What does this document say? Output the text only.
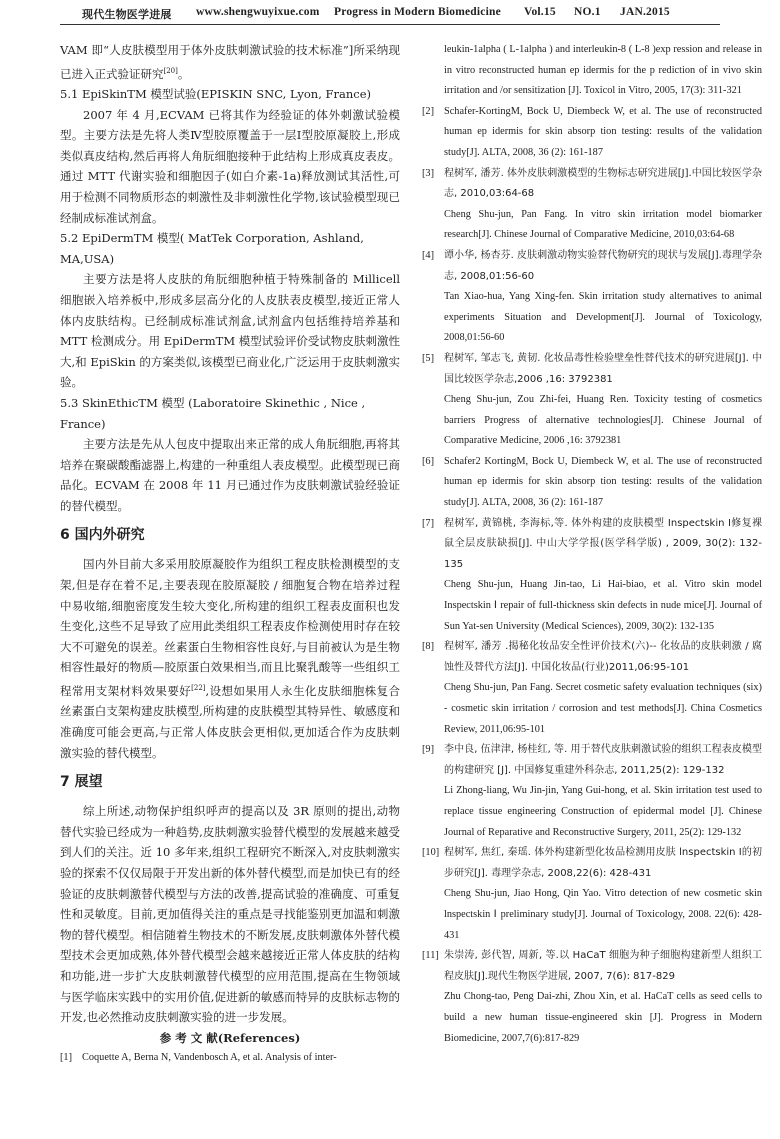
现代生物医学进展 www.shengwuyixue.com Progress in Modern Biomedicine Vol.15 NO.1 JAN.2015

VAM 即“人皮肤模型用于体外皮肤刺激试验的技术标准”]所采纳现已进入正式验证研究[20]。

5.1 EpiSkinTM 模型试验(EPISKIN SNC, Lyon, France)

2007 年 4 月,ECVAM 已将其作为经验证的体外刺激试验模型。主要方法是先将人类Ⅳ型胶原覆盖于一层Ⅰ型胶原凝胶上,形成类似真皮结构,然后再将人角朊细胞接种于此结构上形成真皮表皮。通过 MTT 代谢实验和细胞因子(如白介素-1a)释放测试其活性,可用于检测不同物质形态的刺激性及非刺激性化学物,该试验模型现已经制成标准试剂盒。

5.2 EpiDermTM 模型( MatTek Corporation, Ashland, MA,USA)

主要方法是将人皮肤的角朊细胞种植于特殊制备的 Millicell 细胞嵌入培养板中,形成多层高分化的人皮肤表皮模型,接近正常人体内皮肤结构。已经制成标准试剂盒,试剂盒内包括维持培养基和 MTT 检测成分。用 EpiDermTM 模型试验评价受试物皮肤刺激性大,和 EpiSkin 的方案类似,该模型已商业化,广泛运用于皮肤刺激实验。

5.3 SkinEthicTM 模型 (Laboratoire Skinethic , Nice , France)

主要方法是先从人包皮中提取出来正常的成人角朊细胞,再将其培养在聚碳酸酯滤器上,构建的一种重组人表皮模型。此模型现已商品化。ECVAM 在 2008 年 11 月已通过作为皮肤刺激试验经验证的替代模型。

6 国内外研究

国内外目前大多采用胶原凝胶作为组织工程皮肤检测模型的支架,但是存在着不足,主要表现在胶原凝胶 / 细胞复合物在培养过程中易收缩,细胞密度发生较大变化,所构建的组织工程表皮面积也发生变化,这些不足导致了应用此类组织工程表皮作检测使用时存在较大不可避免的误差。丝素蛋白生物相容性良好,与目前被认为是生物相容性最好的物质—胶原蛋白效果相当,而且比聚乳酸等一些组织工程常用支架材料效果要好[22],设想如果用人永生化皮肤细胞株复合丝素蛋白支架构建皮肤模型,所构建的皮肤模型其特异性、敏感度和准确度可能会更高,与正常人体皮肤会更相似,更加适合作为皮肤刺激实验的替代模型。

7 展望

综上所述,动物保护组织呼声的提高以及 3R 原则的提出,动物替代实验已经成为一种趋势,皮肤刺激实验替代模型的发展越来越受到人们的关注。近 10 多年来,组织工程研究不断深入,对皮肤刺激实验的探索不仅仅局限于开发出新的体外替代模型,而是加快已有的经验证的皮肤刺激替代模型与方法的改善,提高试验的准确度、可重复性和灵敏度。目前,更加值得关注的重点是寻找能鉴别更加温和刺激物的替代模型。相信随着生物技术的不断发展,皮肤刺激体外替代模型技术会更加成熟,体外替代模型会越来越接近正常人体皮肤的结构和功能,进一步扩大皮肤刺激替代模型的应用范围,提高在生物领域与医学临床实践中的实用价值,促进新的敏感而特异的皮肤标志物的开发,也必然推动皮肤刺激实验的进一步发展。

参 考 文 献(References)

[1] Coquette A, Berna N, Vandenbosch A, et al. Analysis of inter-
leukin-1alpha ( L-1alpha ) and interleukin-8 ( L-8 )exp ression and release in in vitro reconstructed human ep idermis for the p rediction of in vivo skin irritation and /or sensitization [J]. Toxicol in Vitro, 2005, 17(3): 311-321
[2] Schafer-KortingM, Bock U, Diembeck W, et al. The use of reconstructed human ep idermis for skin absorp tion testing: results of the validation study[J]. ALTA, 2008, 36 (2): 161-187
[3] 程树军, 潘芳. 体外皮肤刺激模型的生物标志研究进展[J].中国比较医学杂志, 2010,03:64-68
Cheng Shu-jun, Pan Fang. In vitro skin irritation model biomarker research[J]. Chinese Journal of Comparative Medicine, 2010,03:64-68
[4] 谭小华, 杨杏芬. 皮肤刺激动物实验替代物研究的现状与发展[J].毒理学杂志, 2008,01:56-60
Tan Xiao-hua, Yang Xing-fen. Skin irritation study alternatives to animal experiments Situation and Development[J]. Journal of Toxicology, 2008,01:56-60
[5] 程树军, 邹志飞, 黄韧. 化妆品毒性检验壁垒性替代技术的研究进展[J]. 中国比较医学杂志,2006 ,16: 3792381
Cheng Shu-jun, Zou Zhi-fei, Huang Ren. Toxicity testing of cosmetics barriers Progress of alternative technologies[J]. Chinese Journal of Comparative Medicine, 2006 ,16: 3792381
[6] Schafer2 KortingM, Bock U, Diembeck W, et al. The use of reconstructed human ep idermis for skin absorp tion testing: results of the validation study[J]. ALTA, 2008, 36 (2): 161-187
[7] 程树军, 黄锦桃, 李海标,等. 体外构建的皮肤模型 Inspectskin Ⅰ修复裸鼠全层皮肤缺损[J]. 中山大学学报(医学科学版) , 2009, 30(2): 132-135
Cheng Shu-jun, Huang Jin-tao, Li Hai-biao, et al. Vitro skin model Inspectskin Ⅰ repair of full-thickness skin defects in nude mice[J]. Journal of Sun Yat-sen University (Medical Sciences), 2009, 30(2): 132-135
[8] 程树军, 潘芳 .揭秘化妆品安全性评价技术(六)-- 化妆品的皮肤刺激 / 腐蚀性及替代方法[J]. 中国化妆品(行业)2011,06:95-101
Cheng Shu-jun, Pan Fang. Secret cosmetic safety evaluation techniques (six) - cosmetic skin irritation / corrosion and test methods[J]. China Cosmetics Review, 2011,06:95-101
[9] 李中良, 伍津津, 杨桂红, 等. 用于替代皮肤刺激试验的组织工程表皮模型的构建研究 [J]. 中国修复重建外科杂志, 2011,25(2): 129-132
Li Zhong-liang, Wu Jin-jin, Yang Gui-hong, et al. Skin irritation test used to replace tissue engineering Construction of epidermal model [J]. Chinese Journal of Reparative and Reconstructive Surgery, 2011, 25(2): 129-132
[10] 程树军, 焦红, 秦瑶. 体外构建新型化妆品检测用皮肤 lnspectskin Ⅰ的初步研究[J]. 毒理学杂志, 2008,22(6): 428-431
Cheng Shu-jun, Jiao Hong, Qin Yao. Vitro detection of new cosmetic skin lnspectskin Ⅰ preliminary study[J]. Journal of Toxicology, 2008. 22(6): 428-431
[11] 朱崇涛, 彭代智, 周新, 等.以 HaCaT 细胞为种子细胞构建新型人组织工程皮肤[J].现代生物医学进展, 2007, 7(6): 817-829
Zhu Chong-tao, Peng Dai-zhi, Zhou Xin, et al. HaCaT cells as seed cells to build a new human tissue-engineered skin [J]. Progress in Modern Biomedicine, 2007,7(6):817-829
